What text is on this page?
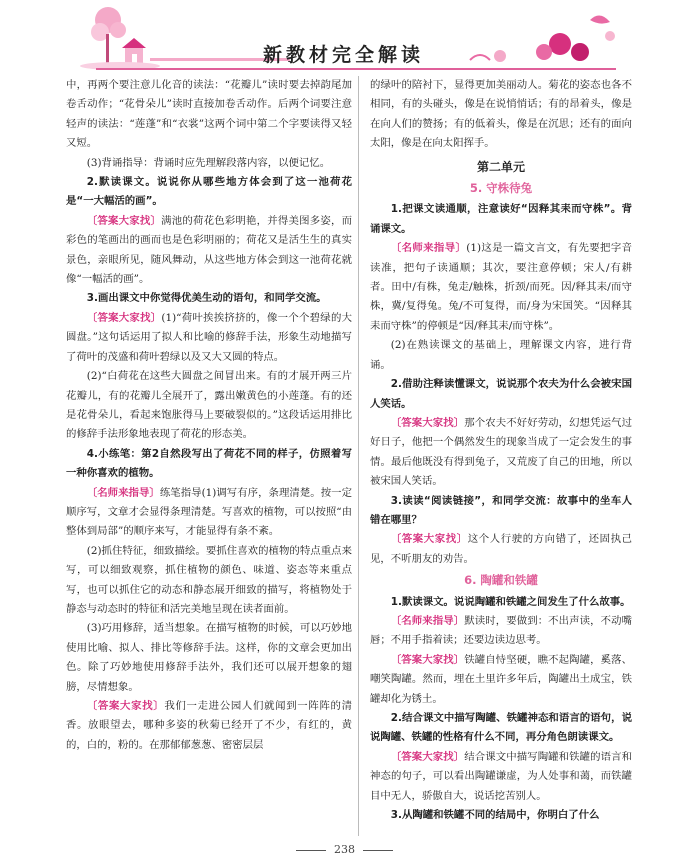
新教材完全解读

中，再两个要注意儿化音的读法：“花瓣儿”读时要去掉韵尾加卷舌动作；“花骨朵儿”读时直接加卷舌动作。后两个词要注意轻声的读法：“莲蓬”和“衣裳”这两个词中第二个字要读得又轻又短。

(3)背诵指导：背诵时应先理解段落内容，以便记忆。

2.默读课文。说说你从哪些地方体会到了这一池荷花是“一大幅活的画”。

〔答案大家找〕满池的荷花色彩明艳，并得美图多姿，而彩色的笔画出的画而也是色彩明丽的；荷花又是活生生的真实景色，亲眼所见，随风舞动，从这些地方体会到这一池荷花就像“一幅活的画”。

3.画出课文中你觉得优美生动的语句，和同学交流。

〔答案大家找〕(1)“荷叶挨挨挤挤的，像一个个碧绿的大圆盘。”这句话运用了拟人和比喻的修辞手法，形象生动地描写了荷叶的茂盛和荷叶碧绿以及又大又圆的特点。

(2)“白荷花在这些大圆盘之间冒出来。有的才展开两三片花瓣儿，有的花瓣儿全展开了，露出嫩黄色的小莲蓬。有的还是花骨朵儿，看起来饱胀得马上要破裂似的。”这段话运用排比的修辞手法形象地表现了荷花的形态美。

4.小练笔：第2自然段写出了荷花不同的样子，仿照着写一种你喜欢的植物。

〔名师来指导〕练笔指导(1)调写有序，条理清楚。按一定顺序写，文章才会显得条理清楚。写喜欢的植物，可以按照“由整体到局部”的顺序来写，才能显得有条不紊。

(2)抓住特征，细致描绘。要抓住喜欢的植物的特点重点来写，可以细致观察，抓住植物的颜色、味道、姿态等来重点写，也可以抓住它的动态和静态展开细致的描写，将植物处于静态与动态时的特征和活完美地呈现在读者面前。

(3)巧用修辞，适当想象。在描写植物的时候，可以巧妙地使用比喻、拟人、排比等修辞手法。这样，你的文章会更加出色。除了巧妙地使用修辞手法外，我们还可以展开想象的翅膀，尽情想象。

〔答案大家找〕我们一走进公园人们就闻到一阵阵的清香。放眼望去，哪种多姿的秋菊已经开了不少，有红的，黄的，白的，粉的。在那郁郁葱葱、密密层层

的绿叶的陪衬下，显得更加美丽动人。菊花的姿态也各不相同，有的头碰头，像是在说悄悄话；有的昂着头，像是在向人们的赞扬；有的低着头，像是在沉思；还有的面向太阳，像是在向太阳挥手。

第二单元
5. 守株待兔

1.把课文读通顺，注意读好“因释其耒而守株”。背诵课文。

〔名师来指导〕(1)这是一篇文言文，有先要把字音读准，把句子读通顺；其次，要注意停顿；宋人/有耕者。田中/有株，兔走/触株，折颈/而死。因/释其耒/而守株，冀/复得兔。兔/不可复得，而/身为宋国笑。“因释其耒而守株”的停顿是“因/释其耒/而守株”。

(2)在熟读课文的基础上，理解课文内容，进行背诵。

2.借助注释读懂课文，说说那个农夫为什么会被宋国人笑话。

〔答案大家找〕那个农夫不好好劳动，幻想凭运气过好日子，他把一个偶然发生的现象当成了一定会发生的事情。最后他既没有得到兔子，又荒废了自己的田地，所以被宋国人笑话。

3.读读“阅读链接”，和同学交流：故事中的坐车人错在哪里？

〔答案大家找〕这个人行驶的方向错了，还固执己见，不听朋友的劝告。

6. 陶罐和铁罐

1.默读课文。说说陶罐和铁罐之间发生了什么故事。

〔名师来指导〕默读时，要做到：不出声读，不动嘴唇；不用手指着读；还要边读边思考。

〔答案大家找〕铁罐自恃坚硬，瞧不起陶罐，奚落、嘲笑陶罐。然而，埋在土里许多年后，陶罐出土成宝，铁罐却化为锈土。

2.结合课文中描写陶罐、铁罐神态和语言的语句，说说陶罐、铁罐的性格有什么不同，再分角色朗读课文。

〔答案大家找〕结合课文中描写陶罐和铁罐的语言和神态的句子，可以看出陶罐谦虚，为人处事和蔼，而铁罐目中无人，骄傲自大，说话挖苦别人。

3.从陶罐和铁罐不同的结局中，你明白了什么

238
